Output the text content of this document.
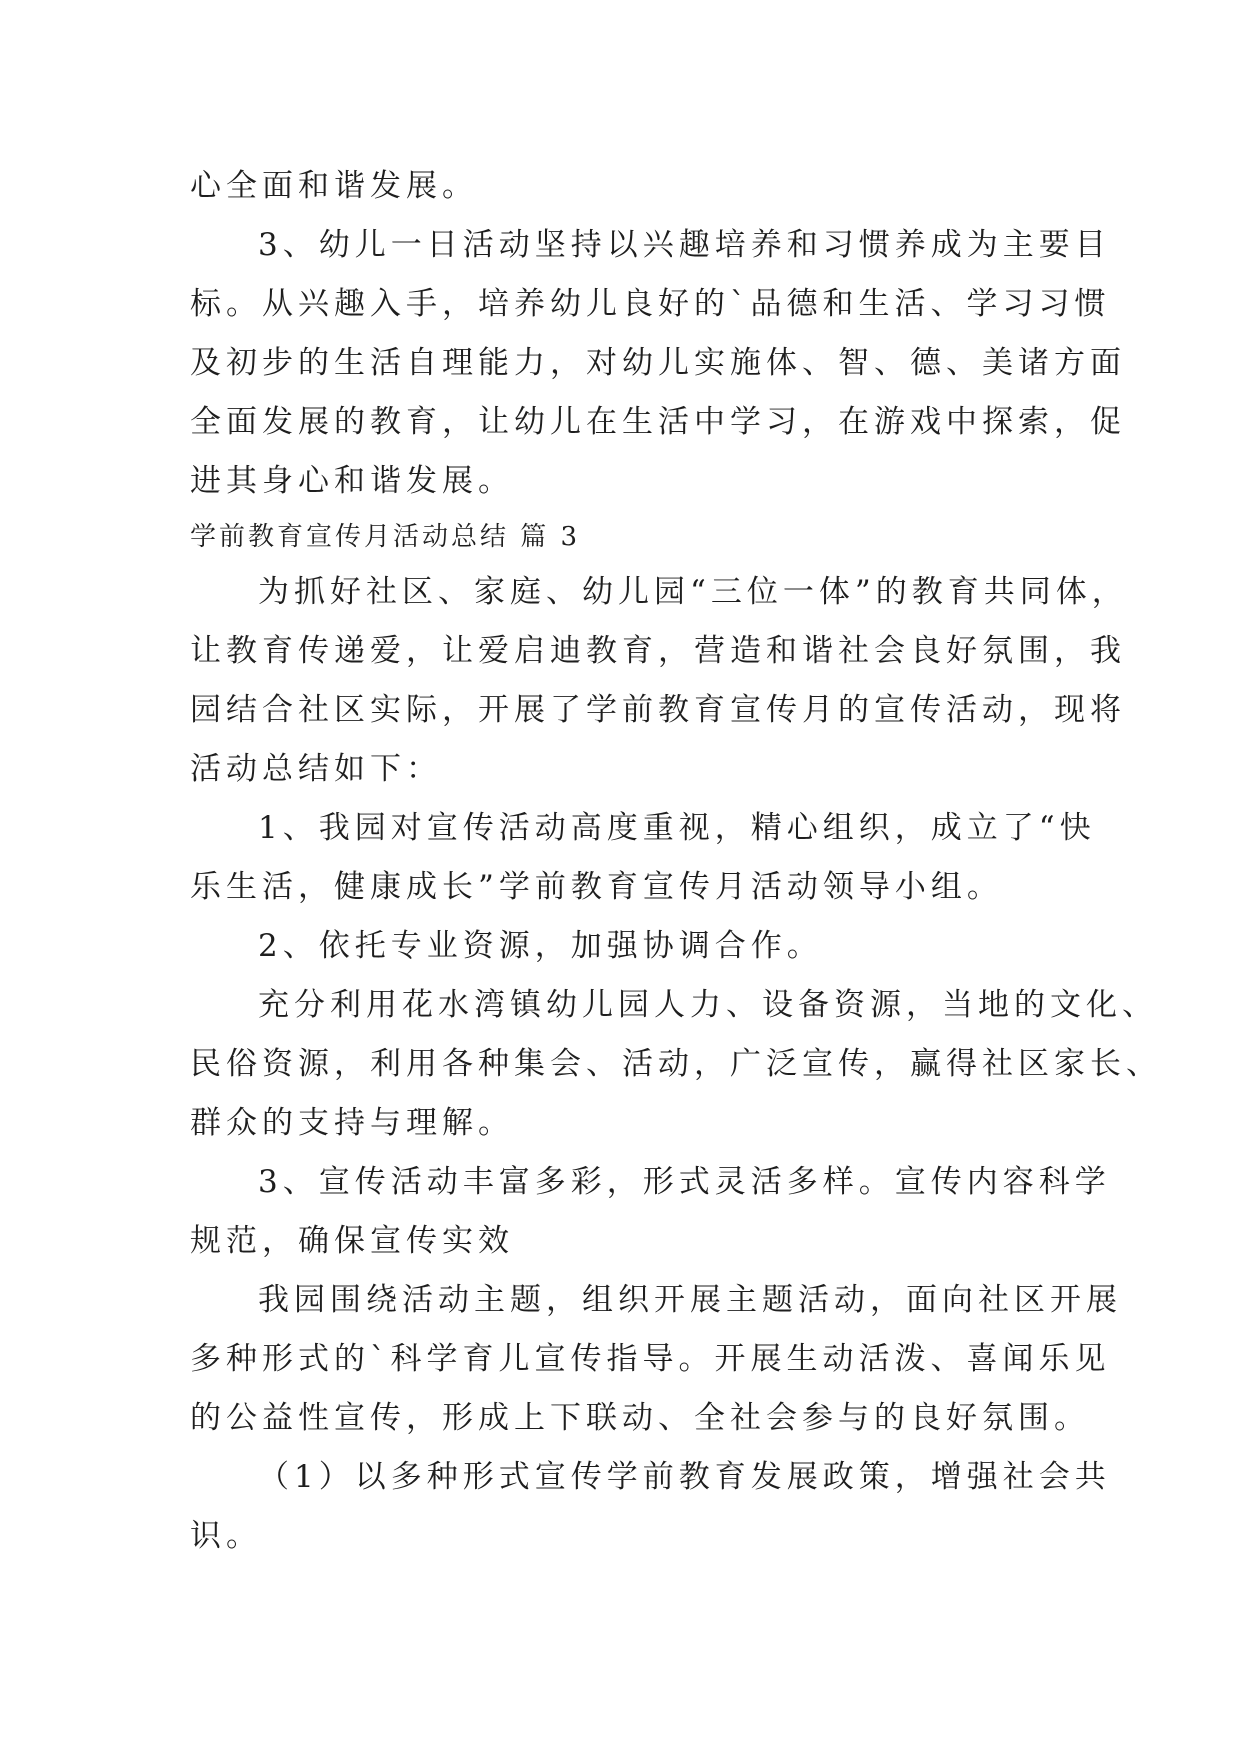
心全面和谐发展。
3、幼儿一日活动坚持以兴趣培养和习惯养成为主要目
标。从兴趣入手，培养幼儿良好的`品德和生活、学习习惯
及初步的生活自理能力，对幼儿实施体、智、德、美诸方面
全面发展的教育，让幼儿在生活中学习，在游戏中探索，促
进其身心和谐发展。
学前教育宣传月活动总结 篇 3
为抓好社区、家庭、幼儿园“三位一体”的教育共同体，
让教育传递爱，让爱启迪教育，营造和谐社会良好氛围，我
园结合社区实际，开展了学前教育宣传月的宣传活动，现将
活动总结如下：
1、我园对宣传活动高度重视，精心组织，成立了“快
乐生活，健康成长”学前教育宣传月活动领导小组。
2、依托专业资源，加强协调合作。
充分利用花水湾镇幼儿园人力、设备资源，当地的文化、
民俗资源，利用各种集会、活动，广泛宣传，赢得社区家长、
群众的支持与理解。
3、宣传活动丰富多彩，形式灵活多样。宣传内容科学
规范，确保宣传实效
我园围绕活动主题，组织开展主题活动，面向社区开展
多种形式的`科学育儿宣传指导。开展生动活泼、喜闻乐见
的公益性宣传，形成上下联动、全社会参与的良好氛围。
（1）以多种形式宣传学前教育发展政策，增强社会共
识。
